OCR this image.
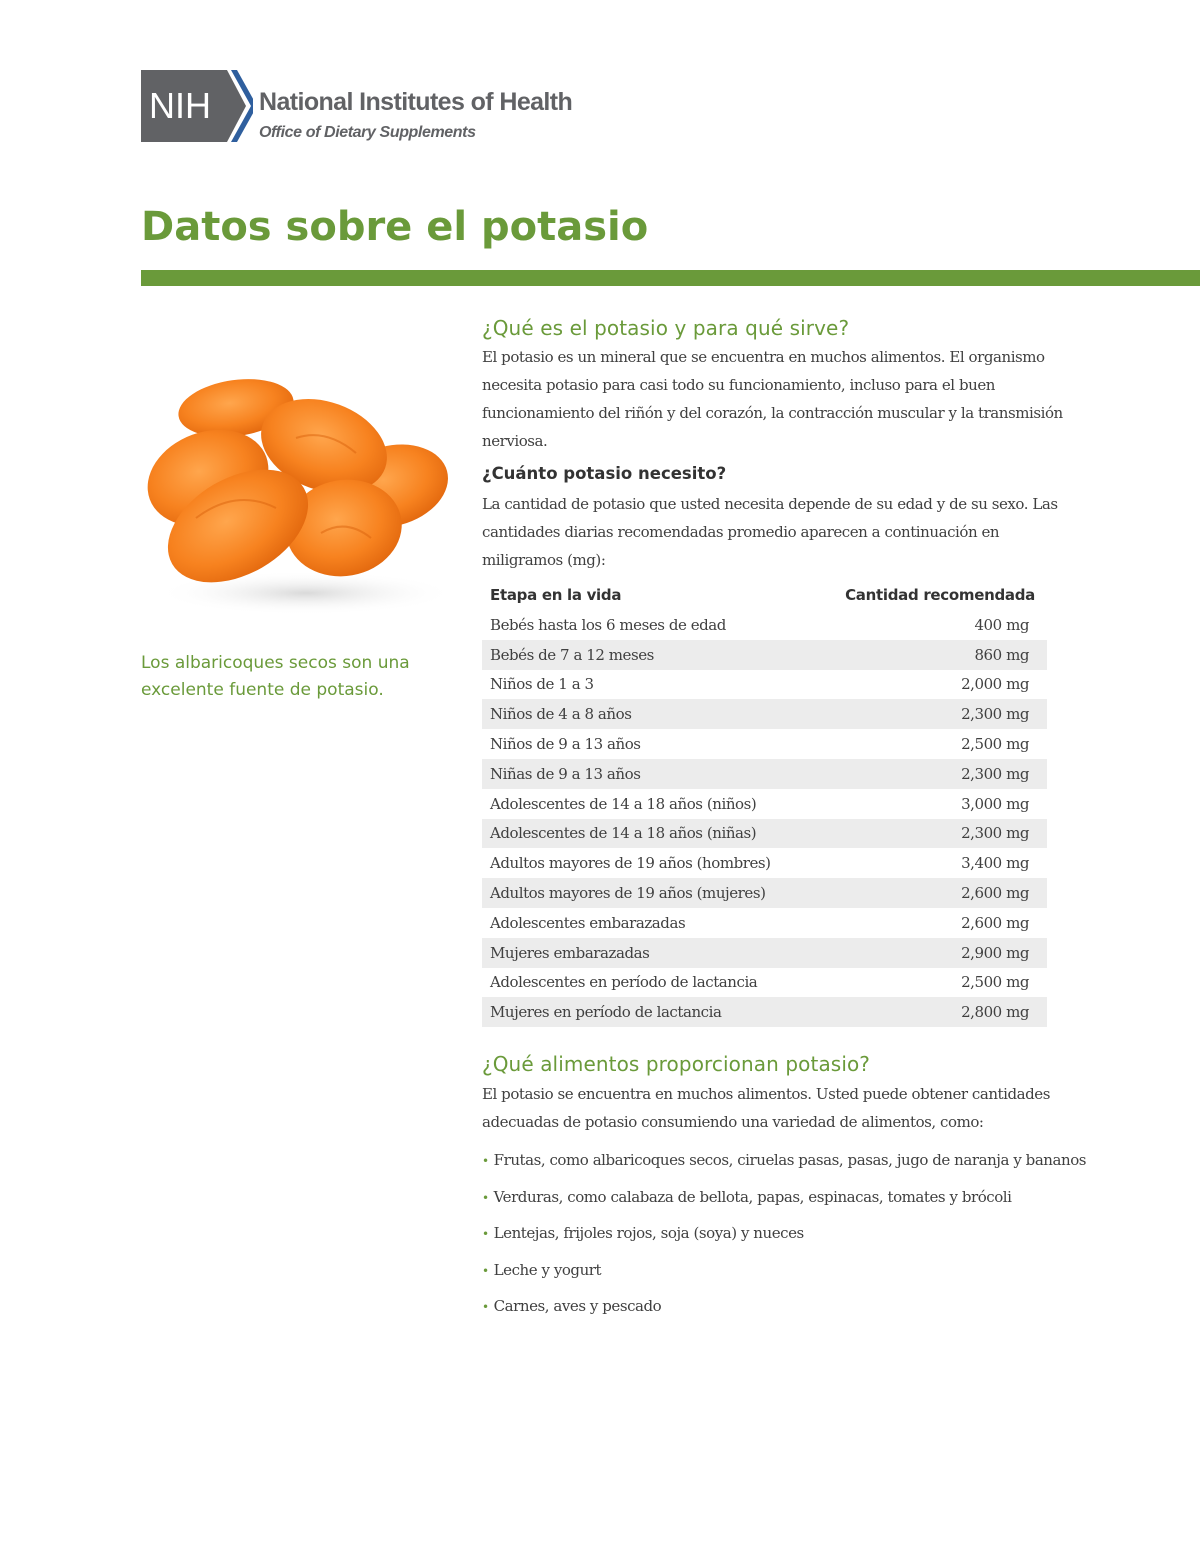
NIH National Institutes of Health
Office of Dietary Supplements
Datos sobre el potasio

Los albaricoques secos son una excelente fuente de potasio.

¿Qué es el potasio y para qué sirve?

El potasio es un mineral que se encuentra en muchos alimentos. El organismo necesita potasio para casi todo su funcionamiento, incluso para el buen funcionamiento del riñón y del corazón, la contracción muscular y la transmisión nerviosa.

¿Cuánto potasio necesito?

La cantidad de potasio que usted necesita depende de su edad y de su sexo. Las cantidades diarias recomendadas promedio aparecen a continuación en miligramos (mg):

Etapa en la vida	Cantidad recomendada
Bebés hasta los 6 meses de edad	400 mg
Bebés de 7 a 12 meses	860 mg
Niños de 1 a 3	2,000 mg
Niños de 4 a 8 años	2,300 mg
Niños de 9 a 13 años	2,500 mg
Niñas de 9 a 13 años	2,300 mg
Adolescentes de 14 a 18 años (niños)	3,000 mg
Adolescentes de 14 a 18 años (niñas)	2,300 mg
Adultos mayores de 19 años (hombres)	3,400 mg
Adultos mayores de 19 años (mujeres)	2,600 mg
Adolescentes embarazadas	2,600 mg
Mujeres embarazadas	2,900 mg
Adolescentes en período de lactancia	2,500 mg
Mujeres en período de lactancia	2,800 mg
¿Qué alimentos proporcionan potasio?

El potasio se encuentra en muchos alimentos. Usted puede obtener cantidades adecuadas de potasio consumiendo una variedad de alimentos, como:

• Frutas, como albaricoques secos, ciruelas pasas, pasas, jugo de naranja y bananos
• Verduras, como calabaza de bellota, papas, espinacas, tomates y brócoli
• Lentejas, frijoles rojos, soja (soya) y nueces
• Leche y yogurt
• Carnes, aves y pescado
